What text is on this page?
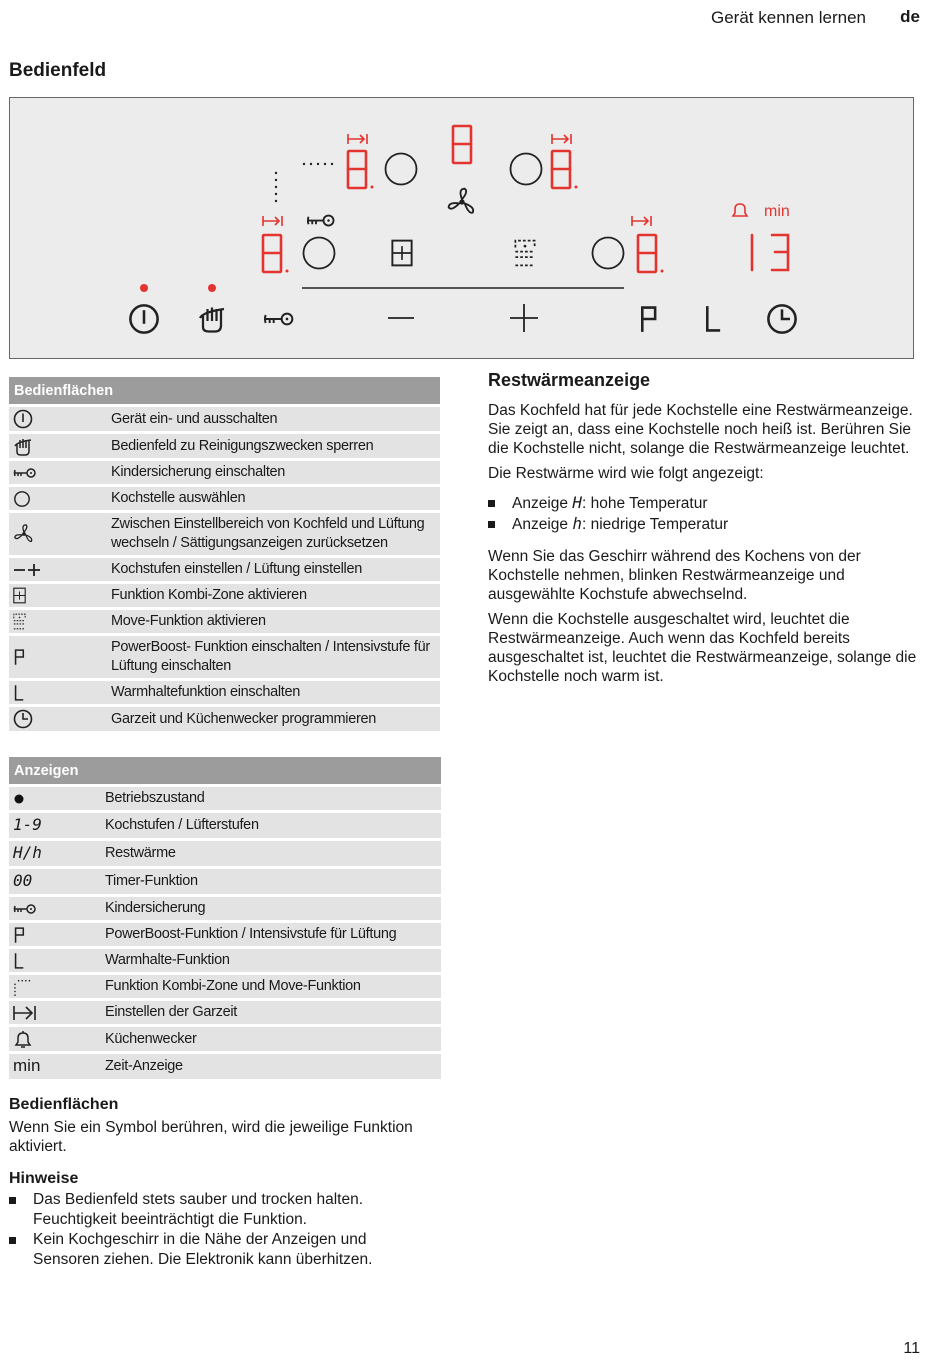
Gerät kennen lernen de
Bedienfeld
min
Bedienflächen	

	Gerät ein- und ausschalten

	Bedienfeld zu Reinigungszwecken sperren

	Kindersicherung einschalten

	Kochstelle auswählen

	Zwischen Einstellbereich von Kochfeld und Lüftung wechseln / Sättigungsanzeigen zurücksetzen

	Kochstufen einstellen / Lüftung einstellen

	Funktion Kombi-Zone aktivieren

	Move-Funktion aktivieren

	PowerBoost- Funktion einschalten / Intensivstufe für Lüftung einschalten

	Warmhaltefunktion einschalten

	Garzeit und Küchenwecker programmieren
Anzeigen	

	Betriebszustand
1-9	Kochstufen / Lüfterstufen
H/h	Restwärme
00	Timer-Funktion

	Kindersicherung

	PowerBoost-Funktion / Intensivstufe für Lüftung

	Warmhalte-Funktion

	Funktion Kombi-Zone und Move-Funktion

	Einstellen der Garzeit

	Küchenwecker
min	Zeit-Anzeige
Restwärmeanzeige

Das Kochfeld hat für jede Kochstelle eine Restwärmeanzeige. Sie zeigt an, dass eine Kochstelle noch heiß ist. Berühren Sie die Kochstelle nicht, solange die Restwärmeanzeige leuchtet.

Die Restwärme wird wie folgt angezeigt:

Anzeige H: hohe Temperatur
Anzeige h: niedrige Temperatur

Wenn Sie das Geschirr während des Kochens von der Kochstelle nehmen, blinken Restwärmeanzeige und ausgewählte Kochstufe abwechselnd.

Wenn die Kochstelle ausgeschaltet wird, leuchtet die Restwärmeanzeige. Auch wenn das Kochfeld bereits ausgeschaltet ist, leuchtet die Restwärmeanzeige, solange die Kochstelle noch warm ist.

Bedienflächen

Wenn Sie ein Symbol berühren, wird die jeweilige Funktion aktiviert.

Hinweise
Das Bedienfeld stets sauber und trocken halten. Feuchtigkeit beeinträchtigt die Funktion.
Kein Kochgeschirr in die Nähe der Anzeigen und Sensoren ziehen. Die Elektronik kann überhitzen.
11
